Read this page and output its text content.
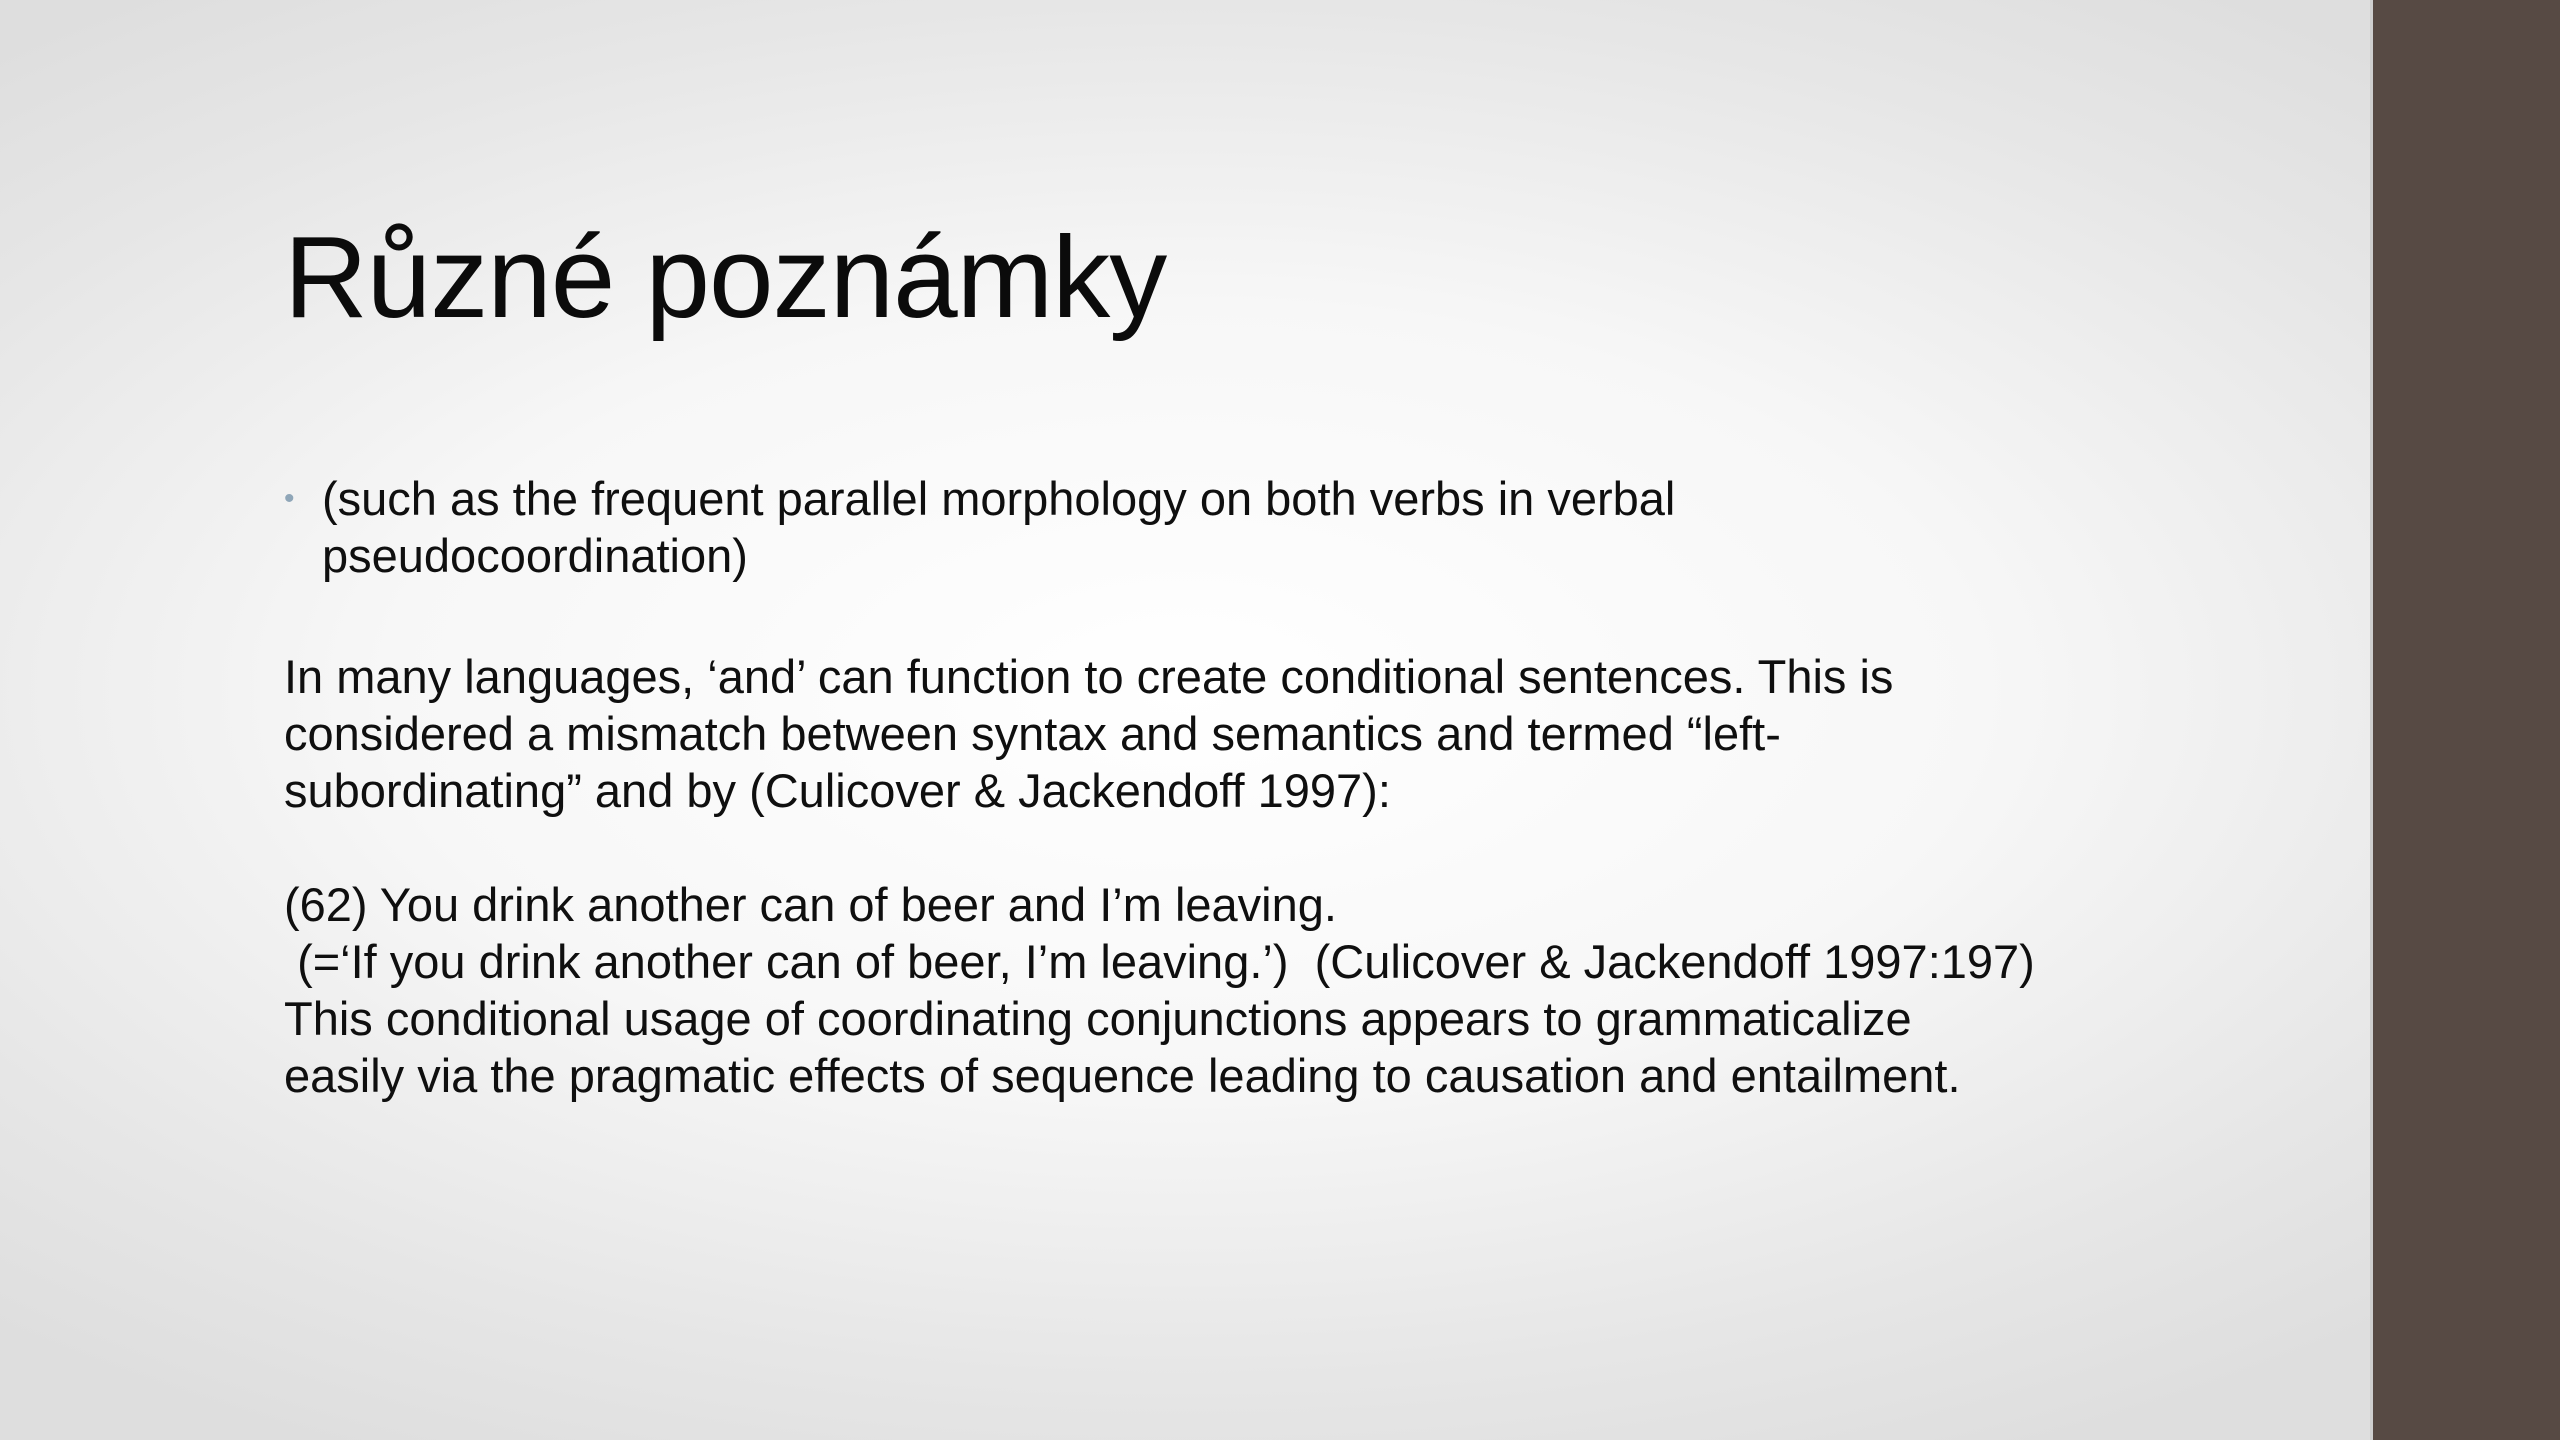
Různé poznámky
• (such as the frequent parallel morphology on both verbs in verbal pseudocoordination)

In many languages, ‘and’ can function to create conditional sentences. This is considered a mismatch between syntax and semantics and termed “left-subordinating” and by (Culicover & Jackendoff 1997):

(62) You drink another can of beer and I’m leaving.

(=‘If you drink another can of beer, I’m leaving.’)  (Culicover & Jackendoff 1997:197)

This conditional usage of coordinating conjunctions appears to grammaticalize easily via the pragmatic effects of sequence leading to causation and entailment.
